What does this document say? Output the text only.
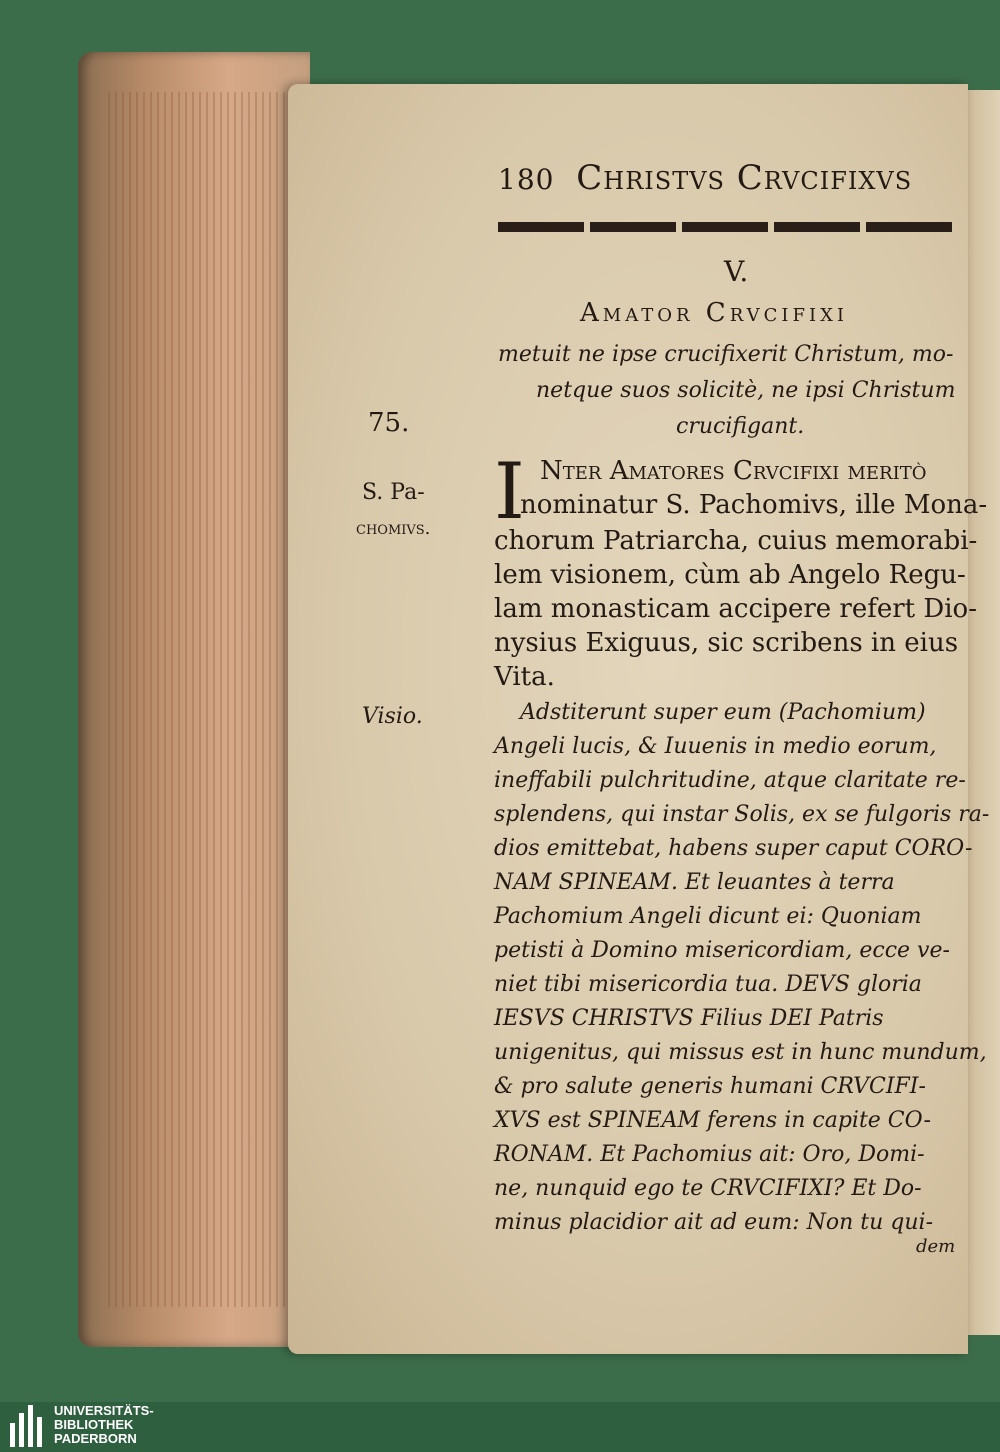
180 Christvs Crvcifixvs
V.
Amator Crvcifixi
metuit ne ipse crucifixerit Christum, mo-
netque suos solicitè, ne ipsi Christum
crucifigant.
75.
S. Pa-
chomivs.
Visio.
I Nter Amatores Crvcifixi meritò
nominatur S. Pachomivs, ille Mona-
chorum Patriarcha, cuius memorabi-
lem visionem, cùm ab Angelo Regu-
lam monasticam accipere refert Dio-
nysius Exiguus, sic scribens in eius
Vita.
Adstiterunt super eum (Pachomium)
Angeli lucis, & Iuuenis in medio eorum,
ineffabili pulchritudine, atque claritate re-
splendens, qui instar Solis, ex se fulgoris ra-
dios emittebat, habens super caput CORO-
NAM SPINEAM. Et leuantes à terra
Pachomium Angeli dicunt ei: Quoniam
petisti à Domino misericordiam, ecce ve-
niet tibi misericordia tua. DEVS gloria
IESVS CHRISTVS Filius DEI Patris
unigenitus, qui missus est in hunc mundum,
& pro salute generis humani CRVCIFI-
XVS est SPINEAM ferens in capite CO-
RONAM. Et Pachomius ait: Oro, Domi-
ne, nunquid ego te CRVCIFIXI? Et Do-
minus placidior ait ad eum: Non tu qui-
dem
UNIVERSITÄTS-
BIBLIOTHEK
PADERBORN
